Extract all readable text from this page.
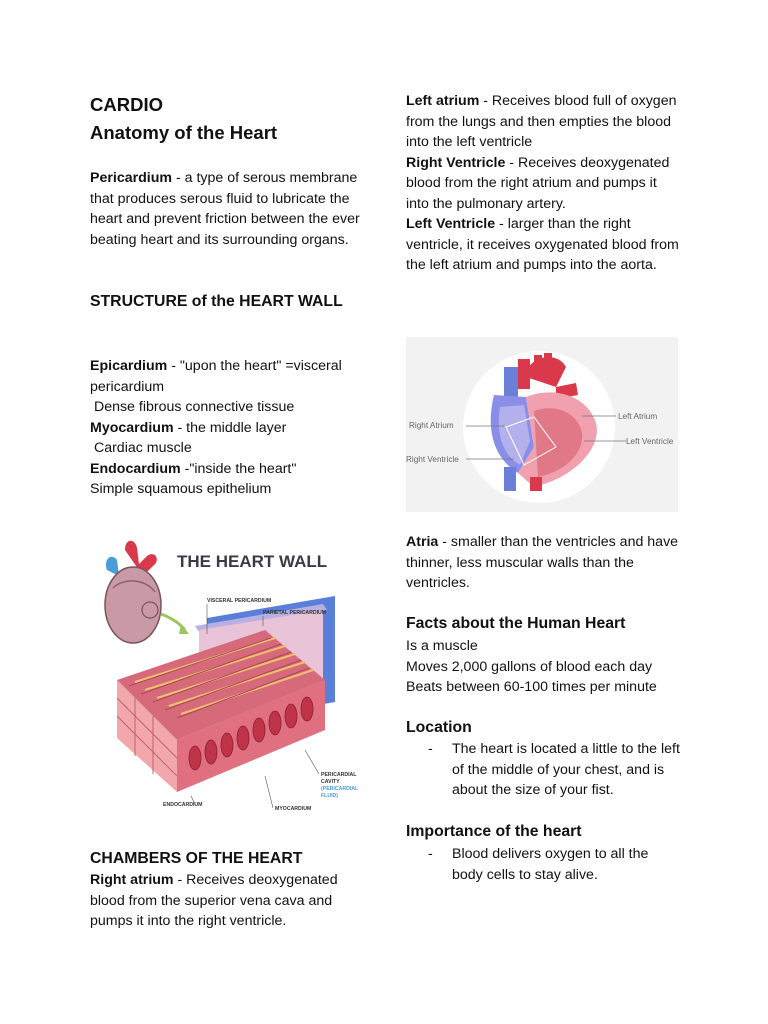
CARDIO
Anatomy of the Heart

Pericardium - a type of serous membrane that produces serous fluid to lubricate the heart and prevent friction between the ever beating heart and its surrounding organs.

STRUCTURE of the HEART WALL

Epicardium - "upon the heart" =visceral pericardium

Dense fibrous connective tissue

Myocardium - the middle layer

Cardiac muscle

Endocardium -"inside the heart"

Simple squamous epithelium

THE HEART WALL
VISCERAL PERICARDIUM
PARIETAL PERICARDIUM
PERICARDIAL
CAVITY
(PERICARDIAL
FLUID)
ENDOCARDIUM
MYOCARDIUM
CHAMBERS OF THE HEART

Right atrium - Receives deoxygenated blood from the superior vena cava and pumps it into the right ventricle.

Left atrium - Receives blood full of oxygen from the lungs and then empties the blood into the left ventricle

Right Ventricle - Receives deoxygenated blood from the right atrium and pumps it into the pulmonary artery.

Left Ventricle - larger than the right ventricle, it receives oxygenated blood from the left atrium and pumps into the aorta.

Right Atrium
Right Ventricle
Left Atrium
Left Ventricle

Atria - smaller than the ventricles and have thinner, less muscular walls than the ventricles.

Facts about the Human Heart

Is a muscle

Moves 2,000 gallons of blood each day

Beats between 60-100 times per minute

Location
- The heart is located a little to the left of the middle of your chest, and is about the size of your fist.
Importance of the heart
- Blood delivers oxygen to all the body cells to stay alive.
